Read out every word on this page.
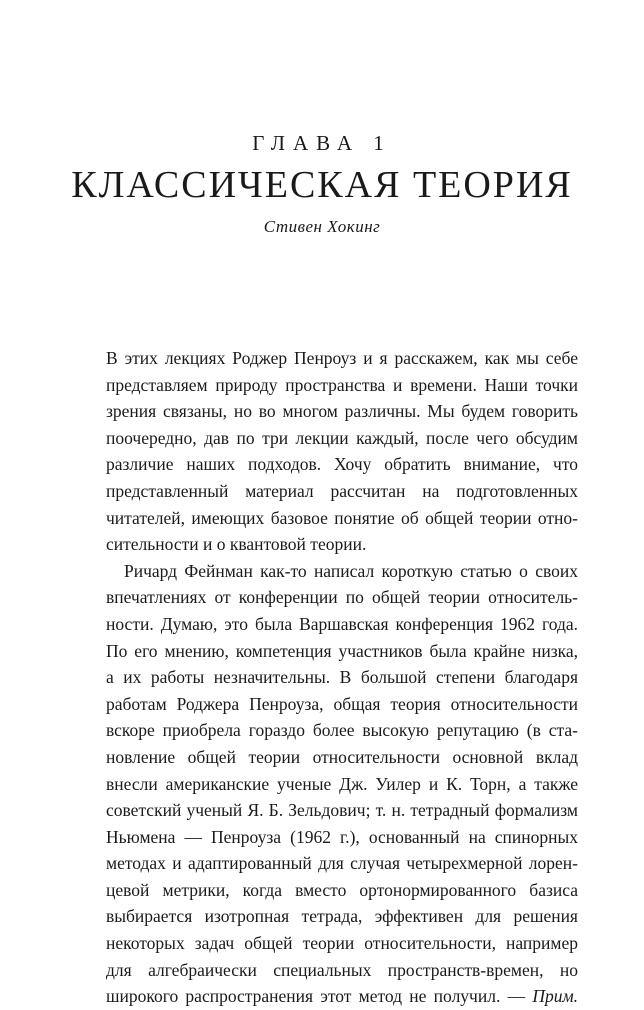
ГЛАВА 1
КЛАССИЧЕСКАЯ ТЕОРИЯ
Стивен Хокинг
В этих лекциях Роджер Пенроуз и я расскажем, как мы себе
представляем природу пространства и времени. Наши точки
зрения связаны, но во многом различны. Мы будем говорить
поочередно, дав по три лекции каждый, после чего обсудим
различие наших подходов. Хочу обратить внимание, что
представленный материал рассчитан на подготовленных
читателей, имеющих базовое понятие об общей теории отно-
сительности и о квантовой теории.
Ричард Фейнман как-то написал короткую статью о своих
впечатлениях от конференции по общей теории относитель-
ности. Думаю, это была Варшавская конференция 1962 года.
По его мнению, компетенция участников была крайне низка,
а их работы незначительны. В большой степени благодаря
работам Роджера Пенроуза, общая теория относительности
вскоре приобрела гораздо более высокую репутацию (в ста-
новление общей теории относительности основной вклад
внесли американские ученые Дж. Уилер и К. Торн, а также
советский ученый Я. Б. Зельдович; т. н. тетрадный формализм
Ньюмена — Пенроуза (1962 г.), основанный на спинорных
методах и адаптированный для случая четырехмерной лорен-
цевой метрики, когда вместо ортонормированного базиса
выбирается изотропная тетрада, эффективен для решения
некоторых задач общей теории относительности, например
для алгебраически специальных пространств-времен, но
широкого распространения этот метод не получил. — Прим.
